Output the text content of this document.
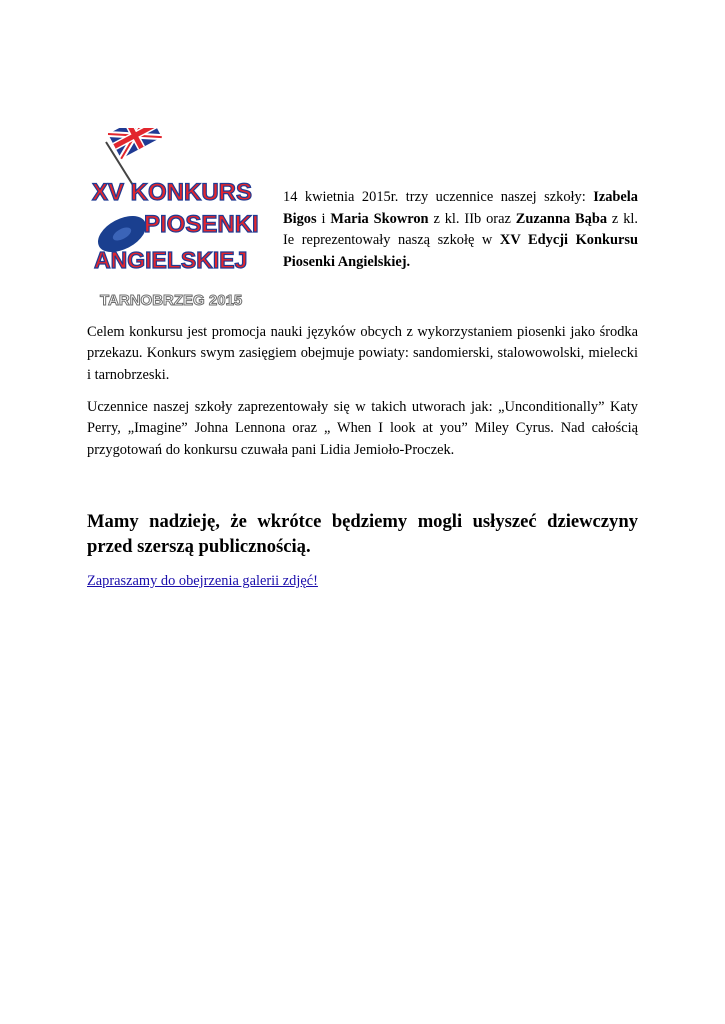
XV KONKURS
PIOSENKI
ANGIELSKIEJ
TARNOBRZEG 2015
14 kwietnia 2015r. trzy uczennice naszej szkoły: Izabela Bigos i Maria Skowron z kl. IIb oraz Zuzanna Bąba z kl. Ie reprezentowały naszą szkołę w XV Edycji Konkursu Piosenki Angielskiej.
Celem konkursu jest promocja nauki języków obcych z wykorzystaniem piosenki jako środka przekazu. Konkurs swym zasięgiem obejmuje powiaty: sandomierski, stalowowolski, mielecki i tarnobrzeski.
Uczennice naszej szkoły zaprezentowały się w takich utworach jak: „Unconditionally” Katy Perry, „Imagine” Johna Lennona oraz „ When I look at you” Miley Cyrus. Nad całością przygotowań do konkursu czuwała pani Lidia Jemioło-Proczek.
Mamy nadzieję, że wkrótce będziemy mogli usłyszeć dziewczyny przed szerszą publicznością.
Zapraszamy do obejrzenia galerii zdjęć!
